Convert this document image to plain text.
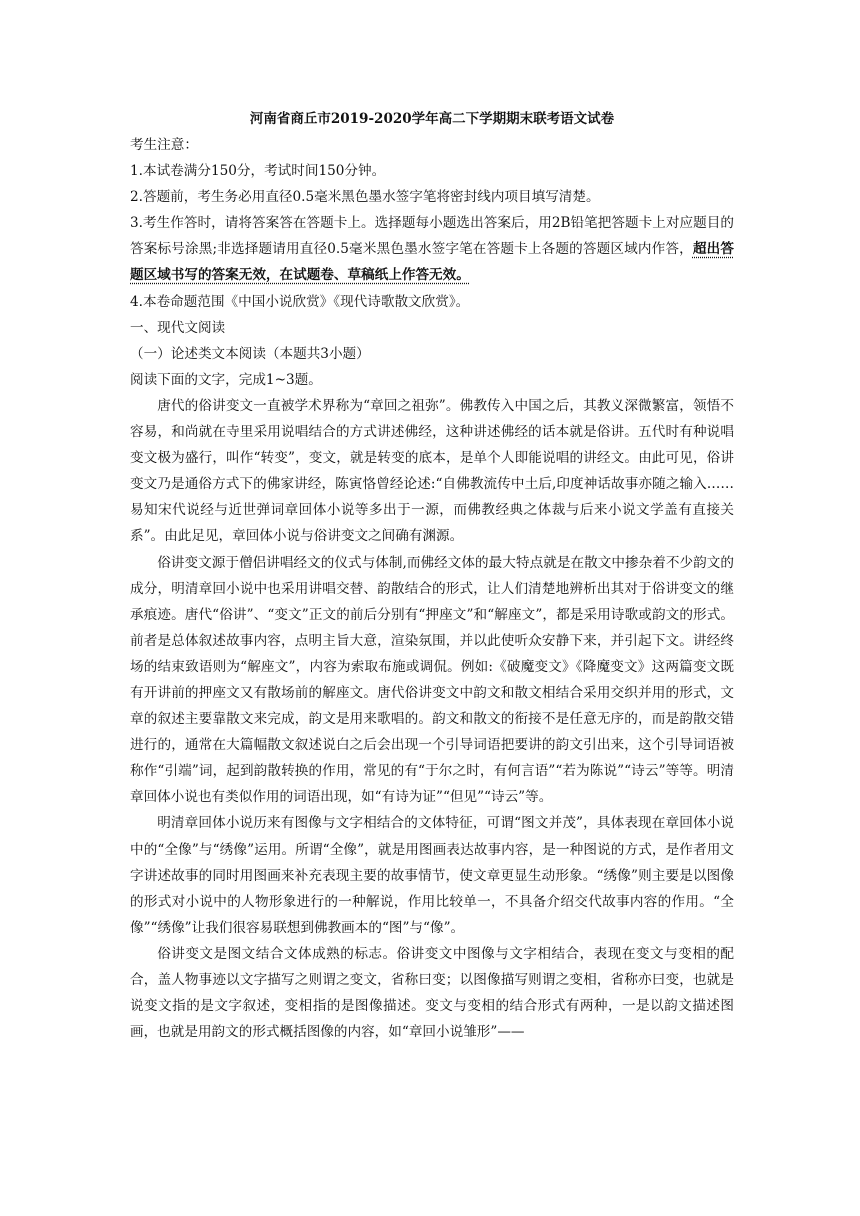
河南省商丘市2019-2020学年高二下学期期末联考语文试卷

考生注意：

1.本试卷满分150分，考试时间150分钟。

2.答题前，考生务必用直径0.5毫米黑色墨水签字笔将密封线内项目填写清楚。

3.考生作答时，请将答案答在答题卡上。选择题每小题选出答案后，用2B铅笔把答题卡上对应题目的答案标号涂黑;非选择题请用直径0.5毫米黑色墨水签字笔在答题卡上各题的答题区域内作答，超出答题区域书写的答案无效，在试题卷、草稿纸上作答无效。

4.本卷命题范围《中国小说欣赏》《现代诗歌散文欣赏》。

一、现代文阅读

（一）论述类文本阅读（本题共3小题）

阅读下面的文字，完成1~3题。

唐代的俗讲变文一直被学术界称为“章回之祖弥”。佛教传入中国之后，其教义深微繁富，领悟不容易，和尚就在寺里采用说唱结合的方式讲述佛经，这种讲述佛经的话本就是俗讲。五代时有种说唱变文极为盛行，叫作“转变”，变文，就是转变的底本，是单个人即能说唱的讲经文。由此可见，俗讲变文乃是通俗方式下的佛家讲经，陈寅恪曾经论述:“自佛教流传中土后,印度神话故事亦随之输入……易知宋代说经与近世弹词章回体小说等多出于一源，而佛教经典之体裁与后来小说文学盖有直接关系”。由此足见，章回体小说与俗讲变文之间确有渊源。

俗讲变文源于僧侣讲唱经文的仪式与体制,而佛经文体的最大特点就是在散文中掺杂着不少韵文的成分，明清章回小说中也采用讲唱交替、韵散结合的形式，让人们清楚地辨析出其对于俗讲变文的继承痕迹。唐代“俗讲”、“变文”正文的前后分别有“押座文”和“解座文”，都是采用诗歌或韵文的形式。前者是总体叙述故事内容，点明主旨大意，渲染氛围，并以此使听众安静下来，并引起下文。讲经终场的结束致语则为“解座文”，内容为索取布施或调侃。例如:《破魔变文》《降魔变文》这两篇变文既有开讲前的押座文又有散场前的解座文。唐代俗讲变文中韵文和散文相结合采用交织并用的形式，文章的叙述主要靠散文来完成，韵文是用来歌唱的。韵文和散文的衔接不是任意无序的，而是韵散交错进行的，通常在大篇幅散文叙述说白之后会出现一个引导词语把要讲的韵文引出来，这个引导词语被称作“引端”词，起到韵散转换的作用，常见的有“于尔之时，有何言语”“若为陈说”“诗云”等等。明清章回体小说也有类似作用的词语出现，如“有诗为证”“但见”“诗云”等。

明清章回体小说历来有图像与文字相结合的文体特征，可谓“图文并茂”，具体表现在章回体小说中的“全像”与“绣像”运用。所谓“全像”，就是用图画表达故事内容，是一种图说的方式，是作者用文字讲述故事的同时用图画来补充表现主要的故事情节，使文章更显生动形象。“绣像”则主要是以图像的形式对小说中的人物形象进行的一种解说，作用比较单一，不具备介绍交代故事内容的作用。“全像”“绣像”让我们很容易联想到佛教画本的“图”与“像”。

俗讲变文是图文结合文体成熟的标志。俗讲变文中图像与文字相结合，表现在变文与变相的配合，盖人物事迹以文字描写之则谓之变文，省称曰变；以图像描写则谓之变相，省称亦曰变，也就是说变文指的是文字叙述，变相指的是图像描述。变文与变相的结合形式有两种，一是以韵文描述图画，也就是用韵文的形式概括图像的内容，如“章回小说雏形”——
